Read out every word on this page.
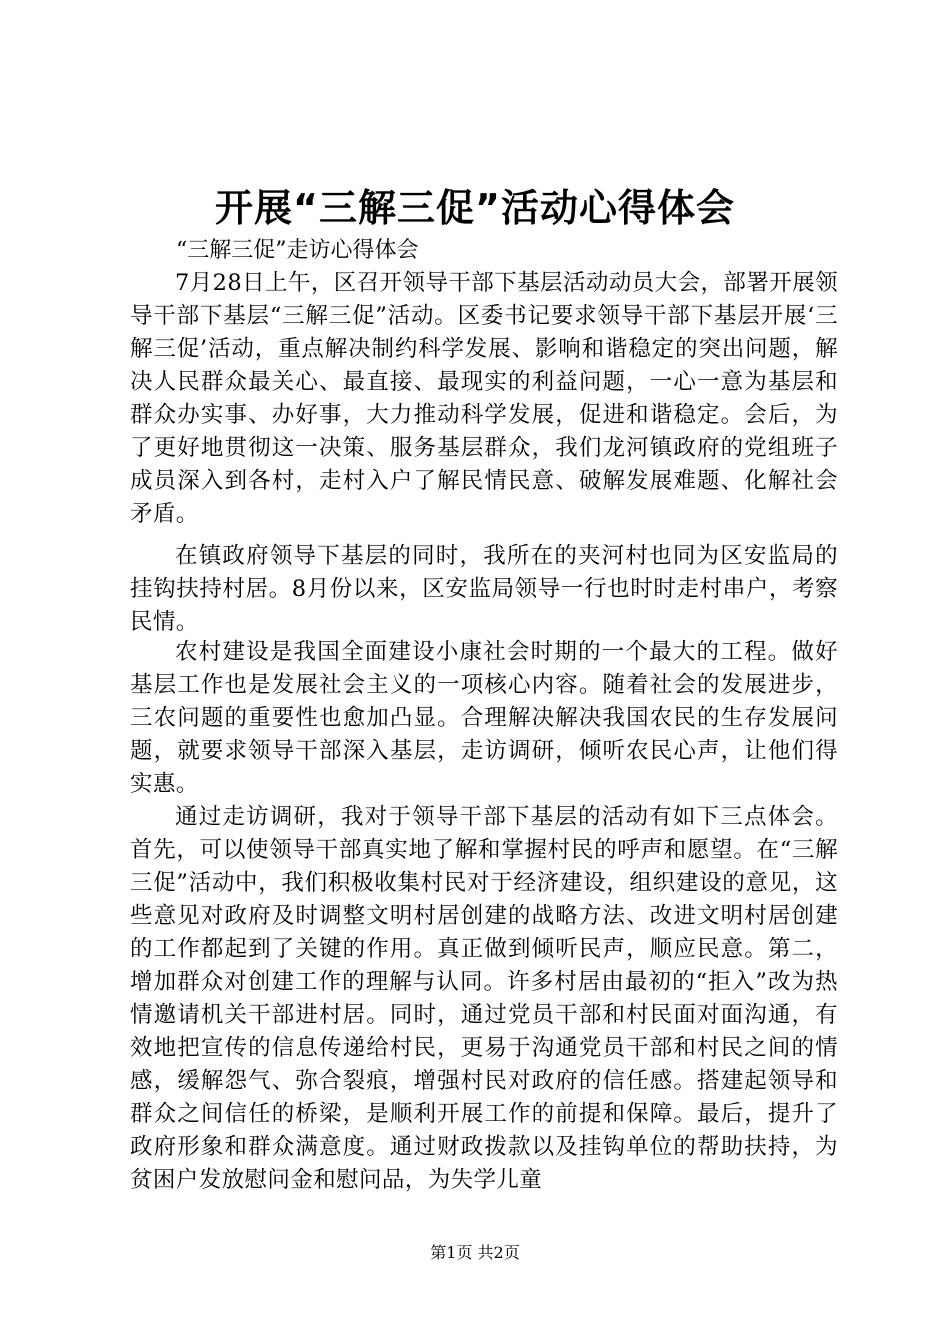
开展“三解三促”活动心得体会
“三解三促”走访心得体会

7月28日上午，区召开领导干部下基层活动动员大会，部署开展领导干部下基层“三解三促”活动。区委书记要求领导干部下基层开展‘三解三促’活动，重点解决制约科学发展、影响和谐稳定的突出问题，解决人民群众最关心、最直接、最现实的利益问题，一心一意为基层和群众办实事、办好事，大力推动科学发展，促进和谐稳定。会后，为了更好地贯彻这一决策、服务基层群众，我们龙河镇政府的党组班子成员深入到各村，走村入户了解民情民意、破解发展难题、化解社会矛盾。

在镇政府领导下基层的同时，我所在的夹河村也同为区安监局的挂钩扶持村居。8月份以来，区安监局领导一行也时时走村串户，考察民情。

农村建设是我国全面建设小康社会时期的一个最大的工程。做好基层工作也是发展社会主义的一项核心内容。随着社会的发展进步，三农问题的重要性也愈加凸显。合理解决解决我国农民的生存发展问题，就要求领导干部深入基层，走访调研，倾听农民心声，让他们得实惠。

通过走访调研，我对于领导干部下基层的活动有如下三点体会。首先，可以使领导干部真实地了解和掌握村民的呼声和愿望。在“三解三促”活动中，我们积极收集村民对于经济建设，组织建设的意见，这些意见对政府及时调整文明村居创建的战略方法、改进文明村居创建的工作都起到了关键的作用。真正做到倾听民声，顺应民意。第二，增加群众对创建工作的理解与认同。许多村居由最初的“拒入”改为热情邀请机关干部进村居。同时，通过党员干部和村民面对面沟通，有效地把宣传的信息传递给村民，更易于沟通党员干部和村民之间的情感，缓解怨气、弥合裂痕，增强村民对政府的信任感。搭建起领导和群众之间信任的桥梁，是顺利开展工作的前提和保障。最后，提升了政府形象和群众满意度。通过财政拨款以及挂钩单位的帮助扶持，为贫困户发放慰问金和慰问品，为失学儿童

第1页 共2页
